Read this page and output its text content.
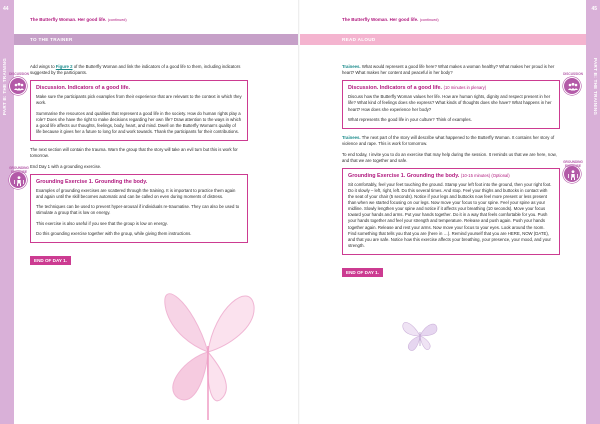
44
PART B: THE TRAINING
The Butterfly Woman. Her good life. (continued)
TO THE TRAINER

Add wings to Figure 2 of the Butterfly Woman and link the indicators of a good life to them, including indicators suggested by the participants.

DISCUSSION
Discussion. Indicators of a good life.

Make sure the participants pick examples from their experience that are relevant to the context in which they work.

Summarise the resources and qualities that represent a good life in the society. How do human rights play a role? Does she have the right to make decisions regarding her own life? Draw attention to the ways in which a good life affects our thoughts, feelings, body, heart, and mind. Dwell on the Butterfly Woman's quality of life because it gives her a future to long for and work towards. Thank the participants for their contributions.

The next section will contain the trauma. Warn the group that the story will take an evil turn but this is work for tomorrow.

End Day 1 with a grounding exercise.

GROUNDING EXERCISE
Grounding Exercise 1. Grounding the body.

Examples of grounding exercises are scattered through the training. It is important to practice them again and again until the skill becomes automatic and can be called on even during moments of distress.

The techniques can be used to prevent hyper-arousal if individuals re-traumatise. They can also be used to stimulate a group that is low on energy.

This exercise is also useful if you see that the group is low on energy.

Do this grounding exercise together with the group, while giving them instructions.

END OF DAY 1.
45
PART B: THE TRAINING
The Butterfly Woman. Her good life. (continued)
READ ALOUD

Trainees. What would represent a good life here? What makes a woman healthy? What makes her proud is her heart? What makes her content and peaceful in her body?	DISCUSSION
Discussion. Indicators of a good life. (10 minutes in plenary)

Discuss how the Butterfly Woman values her life. How are human rights, dignity and respect present in her life? What kind of feelings does she express? What kinds of thoughts does she have? What happens in her heart? How does she experience her body?

What represents the good life in your culture? Think of examples.

Trainees. The next part of the story will describe what happened to the Butterfly Woman. It contains her story of violence and rape. This is work for tomorrow.

To end today, I invite you to do an exercise that may help during the session. It reminds us that we are here, now, and that we are together and safe.	GROUNDING EXERCISE
Grounding Exercise 1. Grounding the body. (10-15 minutes) (Optional)

Sit comfortably, feel your feet touching the ground. Stamp your left foot into the ground, then your right foot. Do it slowly – left, right, left. Do this several times. And stop. Feel your thighs and buttocks in contact with the seat of your chair (5 seconds). Notice if your legs and buttocks now feel more present or less present than when we started focusing on our legs. Now move your focus to your spine. Feel your spine as your midline. Slowly lengthen your spine and notice if it affects your breathing (10 seconds). Move your focus toward your hands and arms. Put your hands together. Do it in a way that feels comfortable for you. Push your hands together and feel your strength and temperature. Release and push again. Push your hands together again. Release and rest your arms. Now move your focus to your eyes. Look around the room. Find something that tells you that you are (here in …). Remind yourself that you are HERE, NOW (DATE), and that you are safe. Notice how this exercise affects your breathing, your presence, your mood, and your strength.

END OF DAY 1.
